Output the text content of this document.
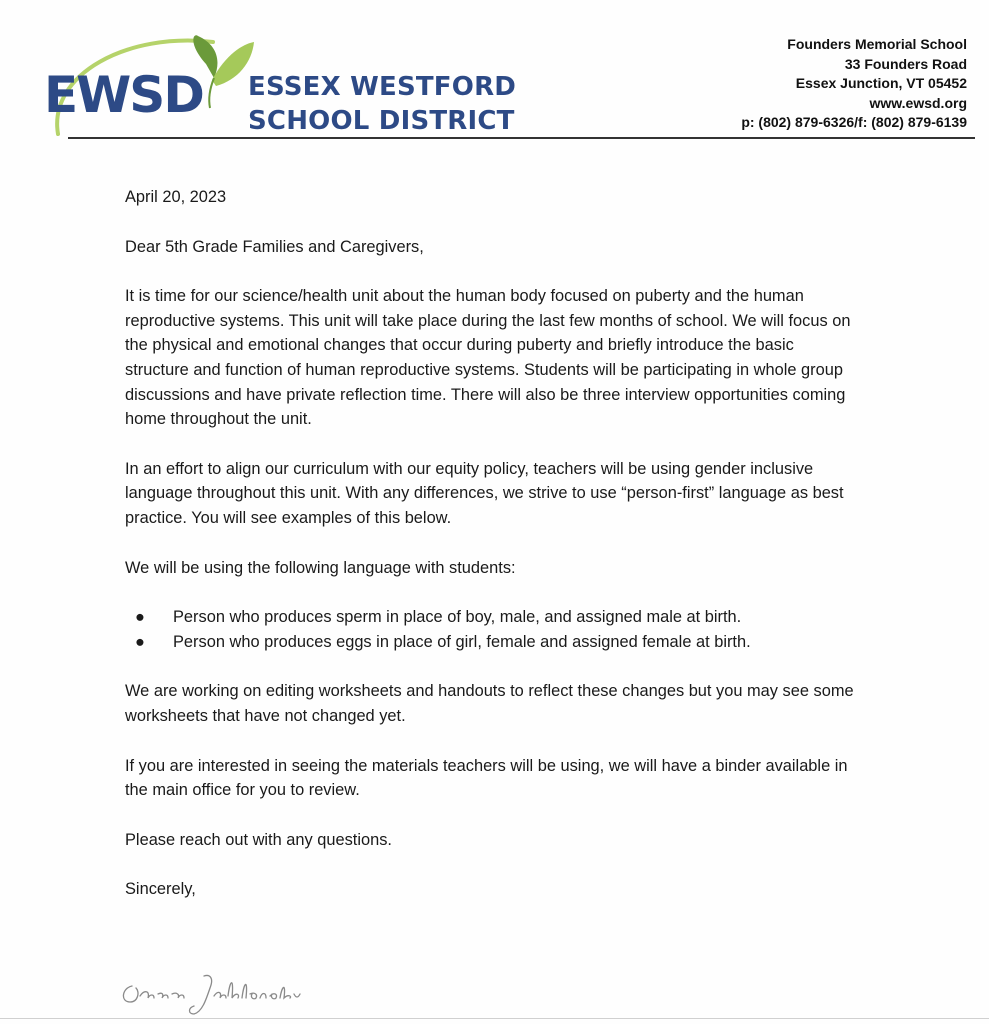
EWSD ESSEX WESTFORD
SCHOOL DISTRICT
Founders Memorial School
33 Founders Road
Essex Junction, VT 05452
www.ewsd.org
p: (802) 879-6326/f: (802) 879-6139

April 20, 2023

Dear 5th Grade Families and Caregivers,

It is time for our science/health unit about the human body focused on puberty and the human reproductive systems. This unit will take place during the last few months of school. We will focus on the physical and emotional changes that occur during puberty and briefly introduce the basic structure and function of human reproductive systems. Students will be participating in whole group discussions and have private reflection time. There will also be three interview opportunities coming home throughout the unit.

In an effort to align our curriculum with our equity policy, teachers will be using gender inclusive language throughout this unit. With any differences, we strive to use “person-first” language as best practice. You will see examples of this below.

We will be using the following language with students:

● Person who produces sperm in place of boy, male, and assigned male at birth.
● Person who produces eggs in place of girl, female and assigned female at birth.

We are working on editing worksheets and handouts to reflect these changes but you may see some worksheets that have not changed yet.

If you are interested in seeing the materials teachers will be using, we will have a binder available in the main office for you to review.

Please reach out with any questions.

Sincerely,
